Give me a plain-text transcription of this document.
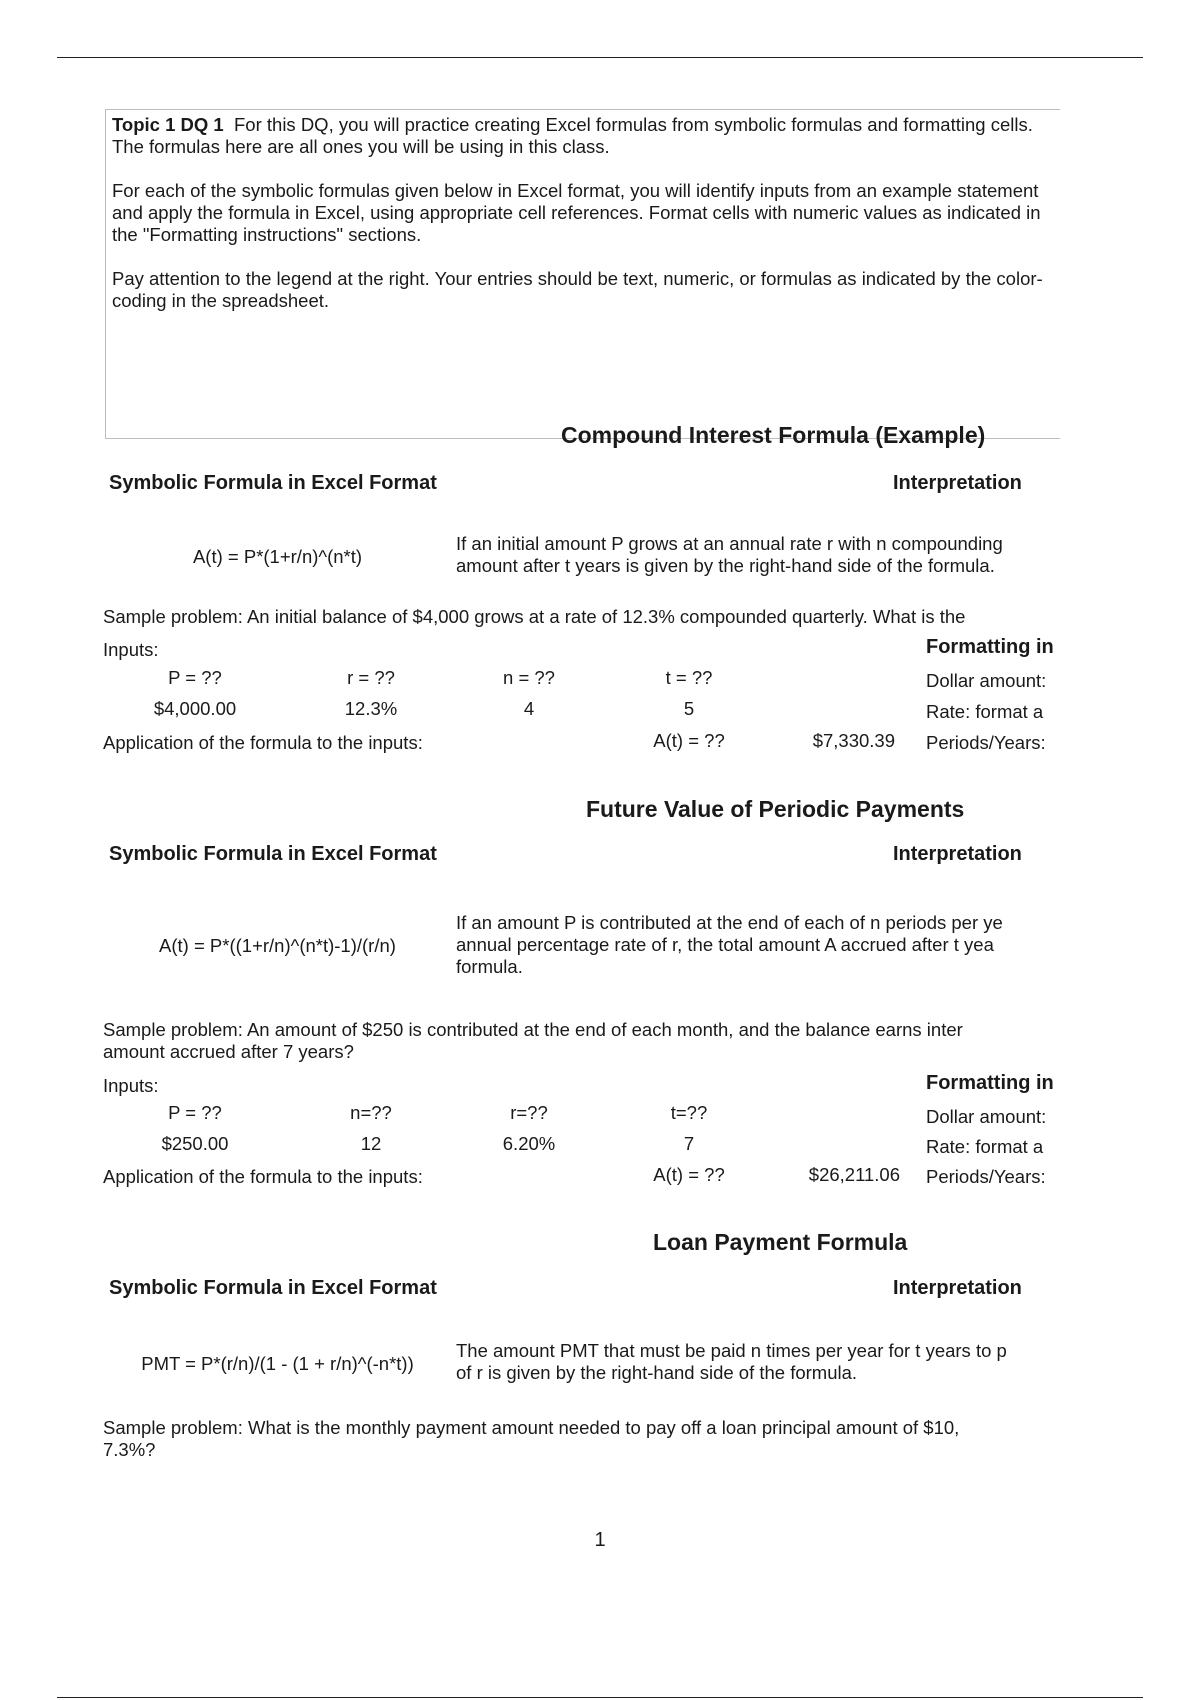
Topic 1 DQ 1 For this DQ, you will practice creating Excel formulas from symbolic formulas and formatting cells. The formulas here are all ones you will be using in this class.

For each of the symbolic formulas given below in Excel format, you will identify inputs from an example statement and apply the formula in Excel, using appropriate cell references. Format cells with numeric values as indicated in the "Formatting instructions" sections.

Pay attention to the legend at the right. Your entries should be text, numeric, or formulas as indicated by the color-coding in the spreadsheet.

Compound Interest Formula (Example)
Symbolic Formula in Excel Format	Interpretation
A(t) = P*(1+r/n)^(n*t)
If an initial amount P grows at an annual rate r with n compounding
amount after t years is given by the right-hand side of the formula.
Sample problem: An initial balance of $4,000 grows at a rate of 12.3% compounded quarterly. What is the
Inputs:	Formatting in
Dollar amount:
Rate: format a
Periods/Years:
P = ??	r = ??	n = ??	t = ??
$4,000.00	12.3%	4	5
Application of the formula to the inputs:	A(t) = ??	$7,330.39
Future Value of Periodic Payments
Symbolic Formula in Excel Format	Interpretation
A(t) = P*((1+r/n)^(n*t)-1)/(r/n)
If an amount P is contributed at the end of each of n periods per ye
annual percentage rate of r, the total amount A accrued after t yea
formula.
Sample problem: An amount of $250 is contributed at the end of each month, and the balance earns inter
amount accrued after 7 years?
Inputs:	Formatting in
Dollar amount:
Rate: format a
Periods/Years:
P = ??	n=??	r=??	t=??
$250.00	12	6.20%	7
Application of the formula to the inputs:	A(t) = ??	$26,211.06
Loan Payment Formula
Symbolic Formula in Excel Format	Interpretation
PMT = P*(r/n)/(1 - (1 + r/n)^(-n*t))
The amount PMT that must be paid n times per year for t years to p
of r is given by the right-hand side of the formula.
Sample problem: What is the monthly payment amount needed to pay off a loan principal amount of $10,
7.3%?
1
